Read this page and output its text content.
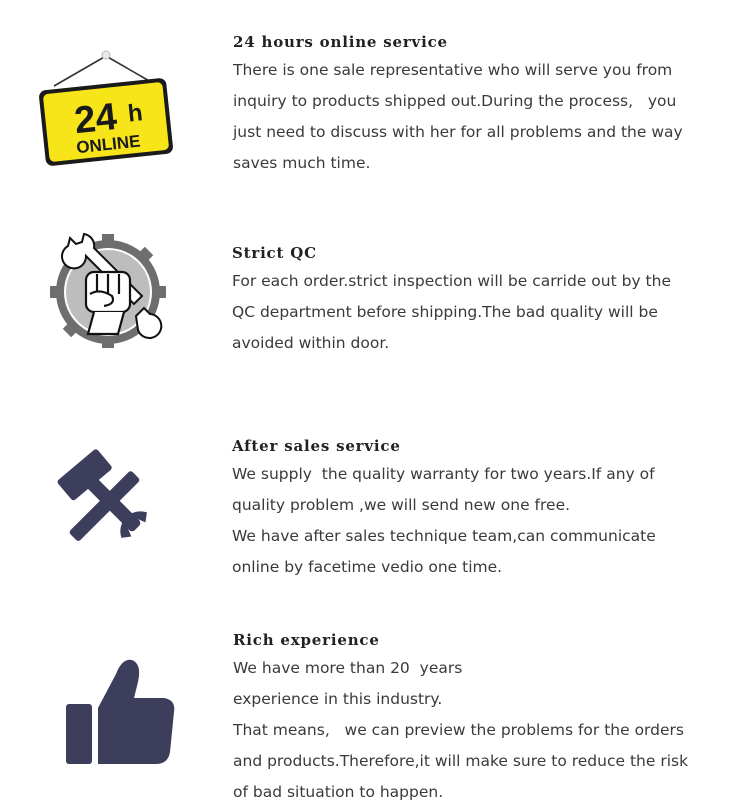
24 h
ONLINE
24 hours online service
There is one sale representative who will serve you from
inquiry to products shipped out.During the process,   you
just need to discuss with her for all problems and the way
saves much time.
Strict QC
For each order.strict inspection will be carride out by the
QC department before shipping.The bad quality will be
avoided within door.
After sales service
We supply  the quality warranty for two years.If any of
quality problem ,we will send new one free.
We have after sales technique team,can communicate
online by facetime vedio one time.
Rich experience
We have more than 20  years
experience in this industry.
That means,   we can preview the problems for the orders
and products.Therefore,it will make sure to reduce the risk
of bad situation to happen.
